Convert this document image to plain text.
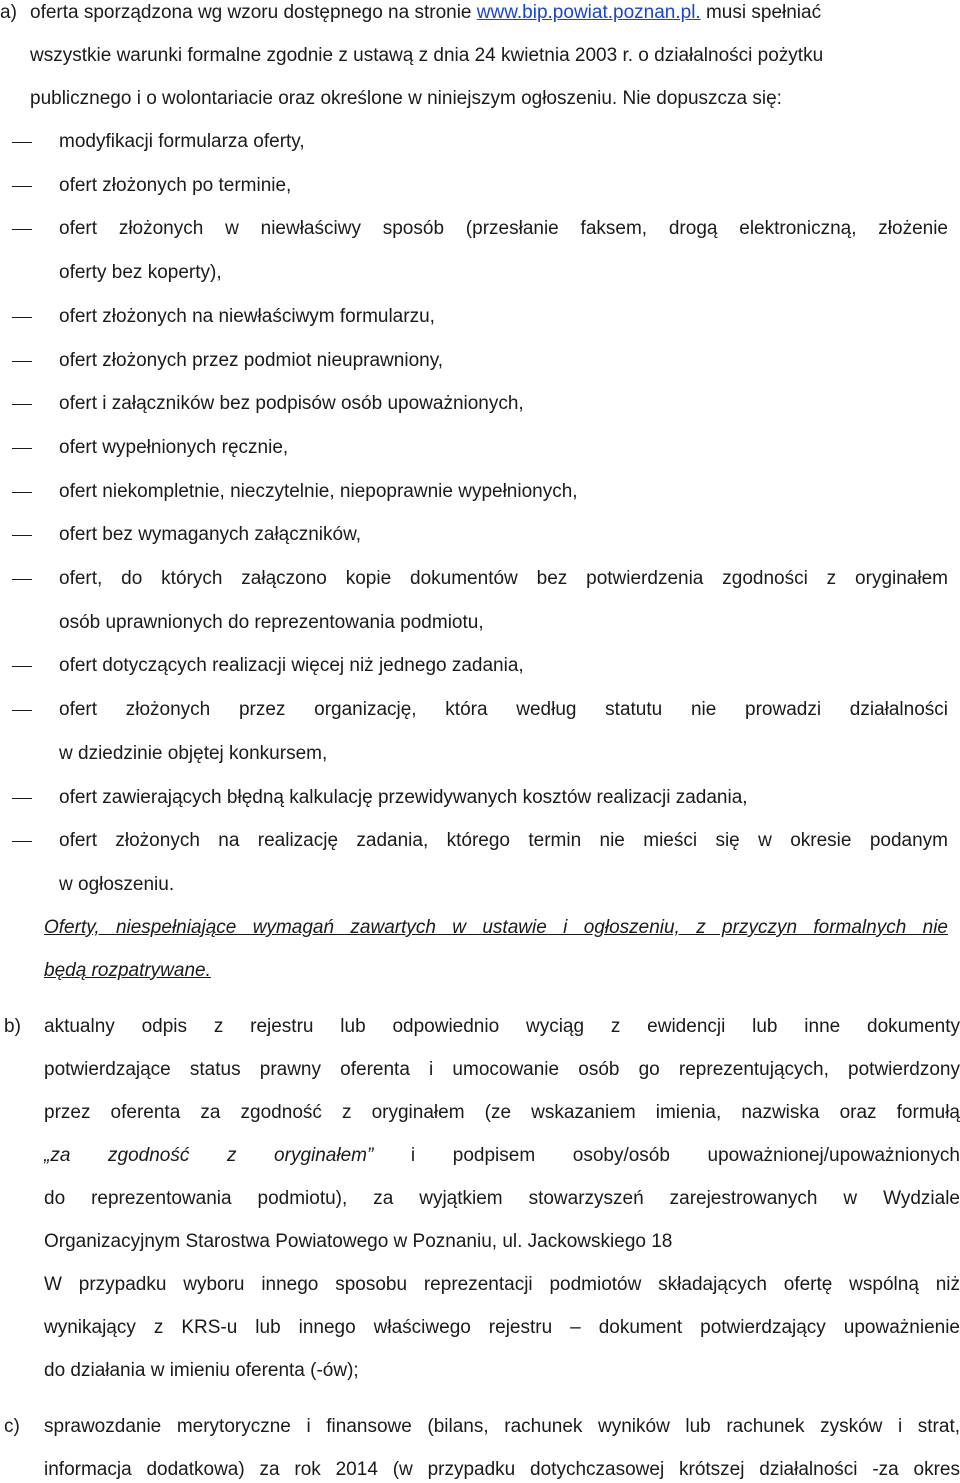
a) oferta sporządzona wg wzoru dostępnego na stronie www.bip.powiat.poznan.pl. musi spełniać
wszystkie warunki formalne zgodnie z ustawą z dnia 24 kwietnia 2003 r. o działalności pożytku
publicznego i o wolontariacie oraz określone w niniejszym ogłoszeniu. Nie dopuszcza się:
modyfikacji formularza oferty,
ofert złożonych po terminie,
ofert złożonych w niewłaściwy sposób (przesłanie faksem, drogą elektroniczną, złożenie
oferty bez koperty),
ofert złożonych na niewłaściwym formularzu,
ofert złożonych przez podmiot nieuprawniony,
ofert i załączników bez podpisów osób upoważnionych,
ofert wypełnionych ręcznie,
ofert niekompletnie, nieczytelnie, niepoprawnie wypełnionych,
ofert bez wymaganych załączników,
ofert, do których załączono kopie dokumentów bez potwierdzenia zgodności z oryginałem
osób uprawnionych do reprezentowania podmiotu,
ofert dotyczących realizacji więcej niż jednego zadania,
ofert złożonych przez organizację, która według statutu nie prowadzi działalności
w dziedzinie objętej konkursem,
ofert zawierających błędną kalkulację przewidywanych kosztów realizacji zadania,
ofert złożonych na realizację zadania, którego termin nie mieści się w okresie podanym
w ogłoszeniu.
Oferty, niespełniające wymagań zawartych w ustawie i ogłoszeniu, z przyczyn formalnych nie
będą rozpatrywane.
b) aktualny odpis z rejestru lub odpowiednio wyciąg z ewidencji lub inne dokumenty
potwierdzające status prawny oferenta i umocowanie osób go reprezentujących, potwierdzony
przez oferenta za zgodność z oryginałem (ze wskazaniem imienia, nazwiska oraz formułą
„za zgodność z oryginałem” i podpisem osoby/osób upoważnionej/upoważnionych
do reprezentowania podmiotu), za wyjątkiem stowarzyszeń zarejestrowanych w Wydziale
Organizacyjnym Starostwa Powiatowego w Poznaniu, ul. Jackowskiego 18
W przypadku wyboru innego sposobu reprezentacji podmiotów składających ofertę wspólną niż
wynikający z KRS-u lub innego właściwego rejestru – dokument potwierdzający upoważnienie
do działania w imieniu oferenta (-ów);
c) sprawozdanie merytoryczne i finansowe (bilans, rachunek wyników lub rachunek zysków i strat,
informacja dodatkowa) za rok 2014 (w przypadku dotychczasowej krótszej działalności -za okres
